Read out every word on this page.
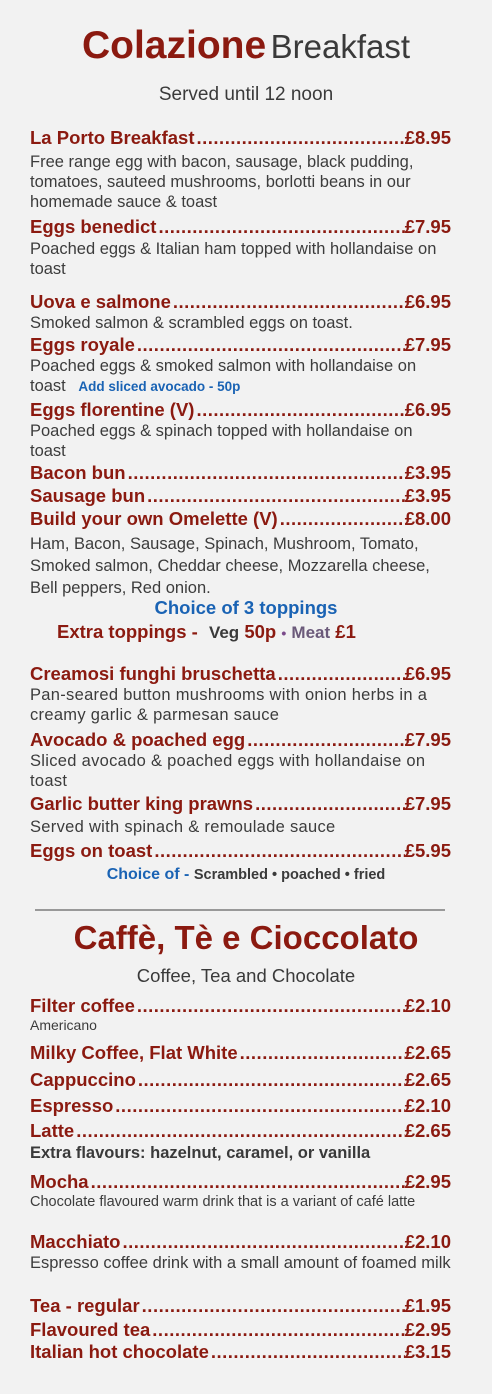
Colazione Breakfast
Served until 12 noon
La Porto Breakfast .....	£8.95
Free range egg with bacon, sausage, black pudding, tomatoes, sauteed mushrooms, borlotti beans in our homemade sauce & toast
Eggs benedict .....	£7.95
Poached eggs & Italian ham topped with hollandaise on toast
Uova e salmone .....	£6.95
Smoked salmon & scrambled eggs on toast.
Eggs royale .....	£7.95
Poached eggs & smoked salmon with hollandaise on toast Add sliced avocado - 50p
Eggs florentine (V) .....	£6.95
Poached eggs & spinach topped with hollandaise on toast
Bacon bun .....	£3.95
Sausage bun .....	£3.95
Build your own Omelette (V) .....	£8.00
Ham, Bacon, Sausage, Spinach, Mushroom, Tomato, Smoked salmon, Cheddar cheese, Mozzarella cheese, Bell peppers, Red onion.
Choice of 3 toppings
Extra toppings - Veg 50p • Meat £1
Creamosi funghi bruschetta .....	£6.95
Pan-seared button mushrooms with onion herbs in a creamy garlic & parmesan sauce
Avocado & poached egg .....	£7.95
Sliced avocado & poached eggs with hollandaise on toast
Garlic butter king prawns .....	£7.95
Served with spinach & remoulade sauce
Eggs on toast .....	£5.95
Choice of - Scrambled • poached • fried
Caffè, Tè e Cioccolato
Coffee, Tea and Chocolate
Filter coffee .....	£2.10
Americano
Milky Coffee, Flat White .....	£2.65
Cappuccino .....	£2.65
Espresso .....	£2.10
Latte .....	£2.65
Extra flavours: hazelnut, caramel, or vanilla
Mocha .....	£2.95
Chocolate flavoured warm drink that is a variant of café latte
Macchiato .....	£2.10
Espresso coffee drink with a small amount of foamed milk
Tea - regular .....	£1.95
Flavoured tea .....	£2.95
Italian hot chocolate .....	£3.15
